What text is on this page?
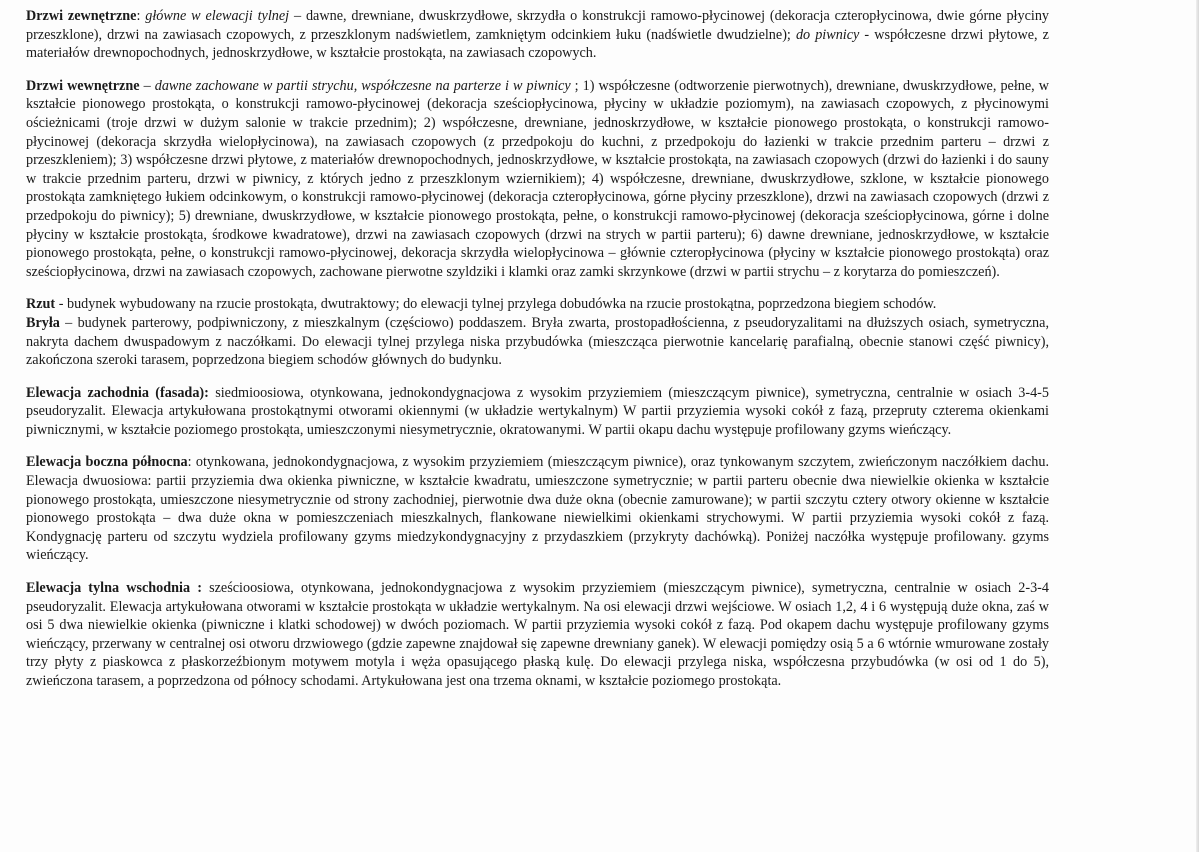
Drzwi zewnętrzne: główne w elewacji tylnej – dawne, drewniane, dwuskrzydłowe, skrzydła o konstrukcji ramowo-płycinowej (dekoracja czteropłycinowa, dwie górne płyciny przeszklone), drzwi na zawiasach czopowych, z przeszklonym nadświetlem, zamkniętym odcinkiem łuku (nadświetle dwudzielne); do piwnicy - współczesne drzwi płytowe, z materiałów drewnopochodnych, jednoskrzydłowe, w kształcie prostokąta, na zawiasach czopowych.

Drzwi wewnętrzne – dawne zachowane w partii strychu, współczesne na parterze i w piwnicy ; 1) współczesne (odtworzenie pierwotnych), drewniane, dwuskrzydłowe, pełne, w kształcie pionowego prostokąta, o konstrukcji ramowo-płycinowej (dekoracja sześciopłycinowa, płyciny w układzie poziomym), na zawiasach czopowych, z płycinowymi ościeżnicami (troje drzwi w dużym salonie w trakcie przednim); 2) współczesne, drewniane, jednoskrzydłowe, w kształcie pionowego prostokąta, o konstrukcji ramowo-płycinowej (dekoracja skrzydła wielopłycinowa), na zawiasach czopowych (z przedpokoju do kuchni, z przedpokoju do łazienki w trakcie przednim parteru – drzwi z przeszkleniem); 3) współczesne drzwi płytowe, z materiałów drewnopochodnych, jednoskrzydłowe, w kształcie prostokąta, na zawiasach czopowych (drzwi do łazienki i do sauny w trakcie przednim parteru, drzwi w piwnicy, z których jedno z przeszklonym wziernikiem); 4) współczesne, drewniane, dwuskrzydłowe, szklone, w kształcie pionowego prostokąta zamkniętego łukiem odcinkowym, o konstrukcji ramowo-płycinowej (dekoracja czteropłycinowa, górne płyciny przeszklone), drzwi na zawiasach czopowych (drzwi z przedpokoju do piwnicy); 5) drewniane, dwuskrzydłowe, w kształcie pionowego prostokąta, pełne, o konstrukcji ramowo-płycinowej (dekoracja sześciopłycinowa, górne i dolne płyciny w kształcie prostokąta, środkowe kwadratowe), drzwi na zawiasach czopowych (drzwi na strych w partii parteru); 6) dawne drewniane, jednoskrzydłowe, w kształcie pionowego prostokąta, pełne, o konstrukcji ramowo-płycinowej, dekoracja skrzydła wielopłycinowa – głównie czteropłycinowa (płyciny w kształcie pionowego prostokąta) oraz sześciopłycinowa, drzwi na zawiasach czopowych, zachowane pierwotne szyldziki i klamki oraz zamki skrzynkowe (drzwi w partii strychu – z korytarza do pomieszczeń).

Rzut - budynek wybudowany na rzucie prostokąta, dwutraktowy; do elewacji tylnej przylega dobudówka na rzucie prostokątna, poprzedzona biegiem schodów.

Bryła – budynek parterowy, podpiwniczony, z mieszkalnym (częściowo) poddaszem. Bryła zwarta, prostopadłościenna, z pseudoryzalitami na dłuższych osiach, symetryczna, nakryta dachem dwuspadowym z naczółkami. Do elewacji tylnej przylega niska przybudówka (mieszcząca pierwotnie kancelarię parafialną, obecnie stanowi część piwnicy), zakończona szeroki tarasem, poprzedzona biegiem schodów głównych do budynku.

Elewacja zachodnia (fasada): siedmioosiowa, otynkowana, jednokondygnacjowa z wysokim przyziemiem (mieszczącym piwnice), symetryczna, centralnie w osiach 3-4-5 pseudoryzalit. Elewacja artykułowana prostokątnymi otworami okiennymi (w układzie wertykalnym) W partii przyziemia wysoki cokół z fazą, przepruty czterema okienkami piwnicznymi, w kształcie poziomego prostokąta, umieszczonymi niesymetrycznie, okratowanymi. W partii okapu dachu występuje profilowany gzyms wieńczący.

Elewacja boczna północna: otynkowana, jednokondygnacjowa, z wysokim przyziemiem (mieszczącym piwnice), oraz tynkowanym szczytem, zwieńczonym naczółkiem dachu. Elewacja dwuosiowa: partii przyziemia dwa okienka piwniczne, w kształcie kwadratu, umieszczone symetrycznie; w partii parteru obecnie dwa niewielkie okienka w kształcie pionowego prostokąta, umieszczone niesymetrycznie od strony zachodniej, pierwotnie dwa duże okna (obecnie zamurowane); w partii szczytu cztery otwory okienne w kształcie pionowego prostokąta – dwa duże okna w pomieszczeniach mieszkalnych, flankowane niewielkimi okienkami strychowymi. W partii przyziemia wysoki cokół z fazą. Kondygnację parteru od szczytu wydziela profilowany gzyms miedzykondygnacyjny z przydaszkiem (przykryty dachówką). Poniżej naczółka występuje profilowany. gzyms wieńczący.

Elewacja tylna wschodnia : sześcioosiowa, otynkowana, jednokondygnacjowa z wysokim przyziemiem (mieszczącym piwnice), symetryczna, centralnie w osiach 2-3-4 pseudoryzalit. Elewacja artykułowana otworami w kształcie prostokąta w układzie wertykalnym. Na osi elewacji drzwi wejściowe. W osiach 1,2, 4 i 6 występują duże okna, zaś w osi 5 dwa niewielkie okienka (piwniczne i klatki schodowej) w dwóch poziomach. W partii przyziemia wysoki cokół z fazą. Pod okapem dachu występuje profilowany gzyms wieńczący, przerwany w centralnej osi otworu drzwiowego (gdzie zapewne znajdował się zapewne drewniany ganek). W elewacji pomiędzy osią 5 a 6 wtórnie wmurowane zostały trzy płyty z piaskowca z płaskorzeźbionym motywem motyla i węża opasującego płaską kulę. Do elewacji przylega niska, współczesna przybudówka (w osi od 1 do 5), zwieńczona tarasem, a poprzedzona od północy schodami. Artykułowana jest ona trzema oknami, w kształcie poziomego prostokąta.
